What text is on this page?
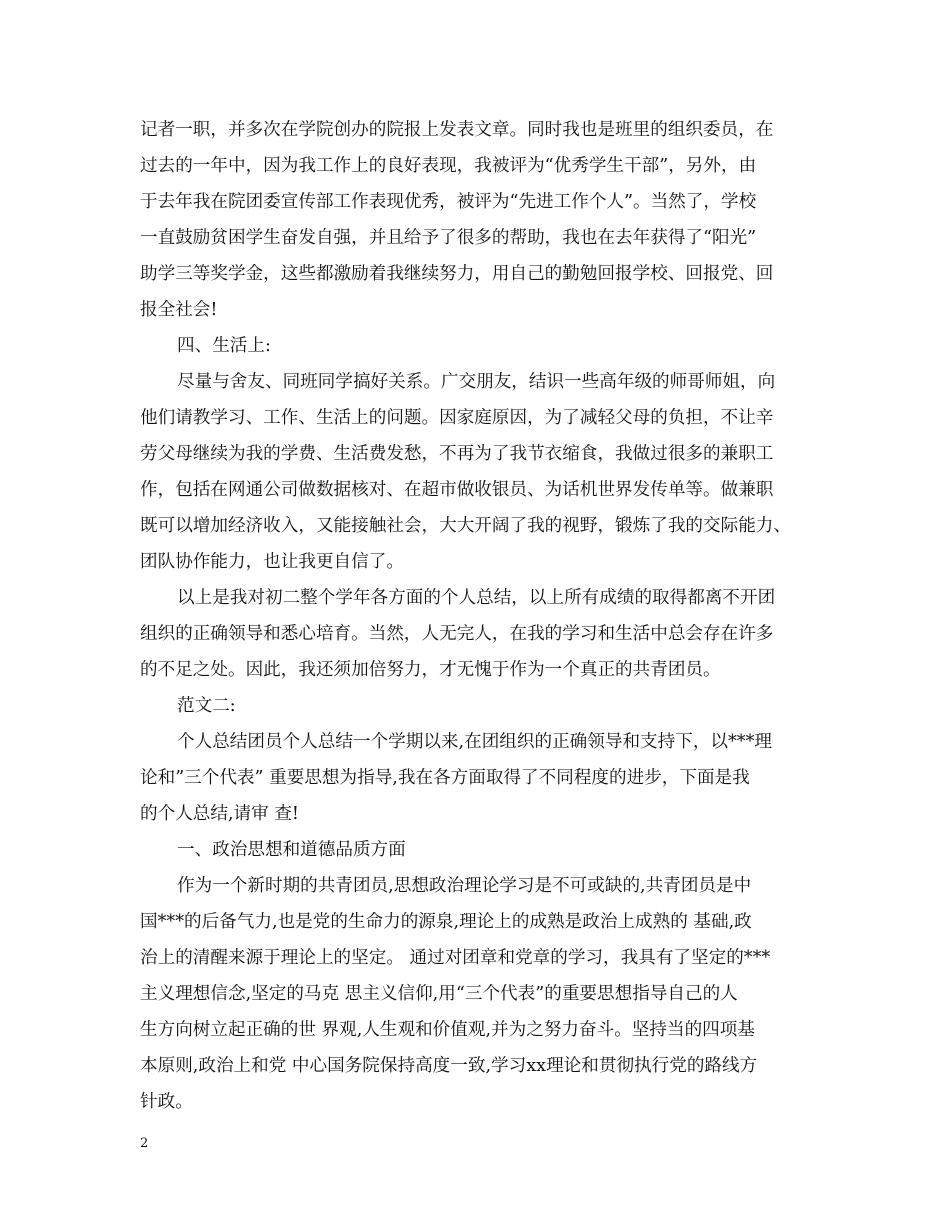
记者一职，并多次在学院创办的院报上发表文章。同时我也是班里的组织委员，在
过去的一年中，因为我工作上的良好表现，我被评为“优秀学生干部”，另外，由
于去年我在院团委宣传部工作表现优秀，被评为“先进工作个人”。当然了，学校
一直鼓励贫困学生奋发自强，并且给予了很多的帮助，我也在去年获得了“阳光”
助学三等奖学金，这些都激励着我继续努力，用自己的勤勉回报学校、回报党、回
报全社会!
四、生活上:
尽量与舍友、同班同学搞好关系。广交朋友，结识一些高年级的师哥师姐，向
他们请教学习、工作、生活上的问题。因家庭原因，为了减轻父母的负担，不让辛
劳父母继续为我的学费、生活费发愁，不再为了我节衣缩食，我做过很多的兼职工
作，包括在网通公司做数据核对、在超市做收银员、为话机世界发传单等。做兼职
既可以增加经济收入，又能接触社会，大大开阔了我的视野，锻炼了我的交际能力、
团队协作能力，也让我更自信了。
以上是我对初二整个学年各方面的个人总结，以上所有成绩的取得都离不开团
组织的正确领导和悉心培育。当然，人无完人，在我的学习和生活中总会存在许多
的不足之处。因此，我还须加倍努力，才无愧于作为一个真正的共青团员。
范文二:
个人总结团员个人总结一个学期以来,在团组织的正确领导和支持下，以***理
论和”三个代表” 重要思想为指导,我在各方面取得了不同程度的进步，下面是我
的个人总结,请审 查!
一、政治思想和道德品质方面
作为一个新时期的共青团员,思想政治理论学习是不可或缺的,共青团员是中
国***的后备气力,也是党的生命力的源泉,理论上的成熟是政治上成熟的 基础,政
治上的清醒来源于理论上的坚定。 通过对团章和党章的学习，我具有了坚定的***
主义理想信念,坚定的马克 思主义信仰,用“三个代表”的重要思想指导自己的人
生方向树立起正确的世 界观,人生观和价值观,并为之努力奋斗。坚持当的四项基
本原则,政治上和党 中心国务院保持高度一致,学习xx理论和贯彻执行党的路线方
针政。
2
